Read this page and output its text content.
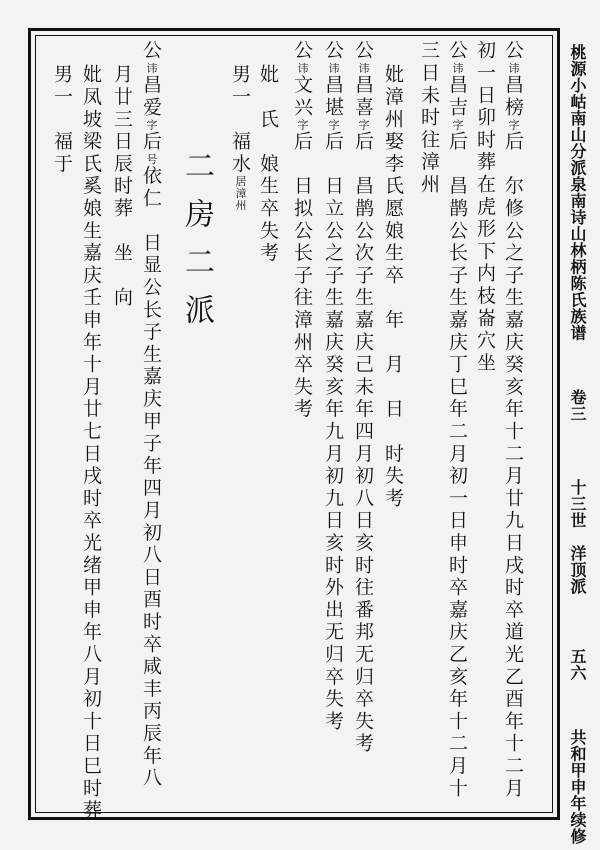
桃源小岵南山分派泉南诗山林柄陈氏族谱 卷三 十三世　洋顶派 五六 共和甲申年续修
二房二派
公讳昌榜字后　尔修公之子生嘉庆癸亥年十二月廿九日戌时卒道光乙酉年十二月
初一日卯时葬在虎形下内枝崙穴坐
公讳昌吉字后　昌鹊公长子生嘉庆丁巳年二月初一日申时卒嘉庆乙亥年十二月十
三日未时往漳州
公讳昌喜字后　昌鹊公次子生嘉庆己未年四月初八日亥时往番邦无归卒失考 妣漳州娶李氏愿娘生卒　年　月　日　时失考
公讳昌堪字后　日立公之子生嘉庆癸亥年九月初九日亥时外出无归卒失考
公讳文兴字后　日拟公长子往漳州卒失考
妣　氏　娘生卒失考
男一　福水居漳州
公讳昌爱字后号依仁　日显公长子生嘉庆甲子年四月初八日酉时卒咸丰丙辰年八
月廿三日辰时葬　坐　向
妣凤坡梁氏奚娘生嘉庆壬申年十月廿七日戌时卒光绪甲申年八月初十日巳时葬
男一　福于
